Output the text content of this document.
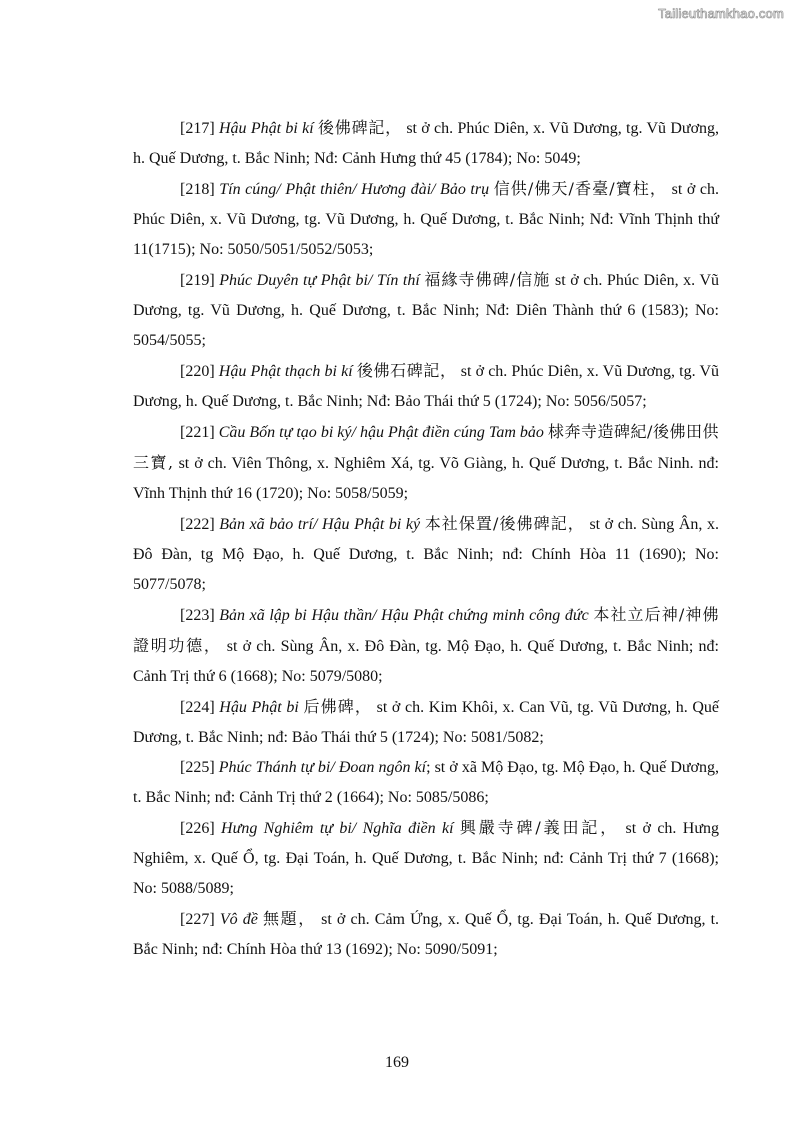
Tailieuthamkhao.com

[217] Hậu Phật bi kí 後佛碑記， st ở ch. Phúc Diên, x. Vũ Dương, tg. Vũ Dương, h. Quế Dương, t. Bắc Ninh; Nđ: Cảnh Hưng thứ 45 (1784); No: 5049;

[218] Tín cúng/ Phật thiên/ Hương đài/ Bảo trụ 信供/佛天/香臺/寶柱， st ở ch. Phúc Diên, x. Vũ Dương, tg. Vũ Dương, h. Quế Dương, t. Bắc Ninh; Nđ: Vĩnh Thịnh thứ 11(1715); No: 5050/5051/5052/5053;

[219] Phúc Duyên tự Phật bi/ Tín thí 福緣寺佛碑/信施 st ở ch. Phúc Diên, x. Vũ Dương, tg. Vũ Dương, h. Quế Dương, t. Bắc Ninh; Nđ: Diên Thành thứ 6 (1583); No: 5054/5055;

[220] Hậu Phật thạch bi kí 後佛石碑記， st ở ch. Phúc Diên, x. Vũ Dương, tg. Vũ Dương, h. Quế Dương, t. Bắc Ninh; Nđ: Bảo Thái thứ 5 (1724); No: 5056/5057;

[221] Cầu Bốn tự tạo bi ký/ hậu Phật điền cúng Tam bảo 梂奔寺造碑紀/後佛田供三寶, st ở ch. Viên Thông, x. Nghiêm Xá, tg. Võ Giàng, h. Quế Dương, t. Bắc Ninh. nđ: Vĩnh Thịnh thứ 16 (1720); No: 5058/5059;

[222] Bản xã bảo trí/ Hậu Phật bi ký 本社保置/後佛碑記， st ở ch. Sùng Ân, x. Đô Đàn, tg Mộ Đạo, h. Quế Dương, t. Bắc Ninh; nđ: Chính Hòa 11 (1690); No: 5077/5078;

[223] Bản xã lập bi Hậu thần/ Hậu Phật chứng minh công đức 本社立后神/神佛證明功德， st ở ch. Sùng Ân, x. Đô Đàn, tg. Mộ Đạo, h. Quế Dương, t. Bắc Ninh; nđ: Cảnh Trị thứ 6 (1668); No: 5079/5080;

[224] Hậu Phật bi 后佛碑， st ở ch. Kim Khôi, x. Can Vũ, tg. Vũ Dương, h. Quế Dương, t. Bắc Ninh; nđ: Bảo Thái thứ 5 (1724); No: 5081/5082;

[225] Phúc Thánh tự bi/ Đoan ngôn kí; st ở xã Mộ Đạo, tg. Mộ Đạo, h. Quế Dương, t. Bắc Ninh; nđ: Cảnh Trị thứ 2 (1664); No: 5085/5086;

[226] Hưng Nghiêm tự bi/ Nghĩa điền kí 興嚴寺碑/義田記， st ở ch. Hưng Nghiêm, x. Quế Ổ, tg. Đại Toán, h. Quế Dương, t. Bắc Ninh; nđ: Cảnh Trị thứ 7 (1668); No: 5088/5089;

[227] Vô đề 無題， st ở ch. Cảm Ứng, x. Quế Ổ, tg. Đại Toán, h. Quế Dương, t. Bắc Ninh; nđ: Chính Hòa thứ 13 (1692); No: 5090/5091;

169
